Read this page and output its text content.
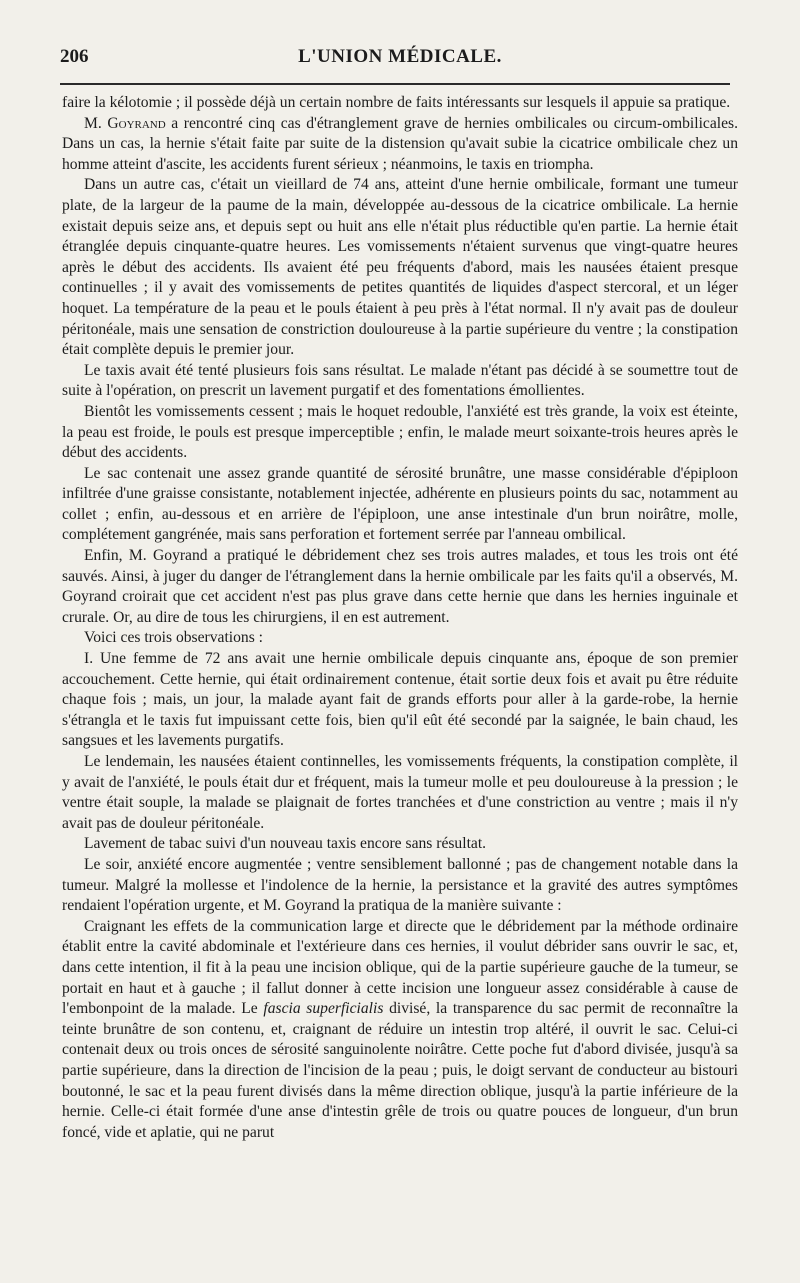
206	L'UNION MÉDICALE.

faire la kélotomie ; il possède déjà un certain nombre de faits intéressants sur lesquels il appuie sa pratique.

M. Goyrand a rencontré cinq cas d'étranglement grave de hernies ombilicales ou circum-ombilicales. Dans un cas, la hernie s'était faite par suite de la distension qu'avait subie la cicatrice ombilicale chez un homme atteint d'ascite, les accidents furent sérieux ; néanmoins, le taxis en triompha.

Dans un autre cas, c'était un vieillard de 74 ans, atteint d'une hernie ombilicale, formant une tumeur plate, de la largeur de la paume de la main, développée au-dessous de la cicatrice ombilicale. La hernie existait depuis seize ans, et depuis sept ou huit ans elle n'était plus réductible qu'en partie. La hernie était étranglée depuis cinquante-quatre heures. Les vomissements n'étaient survenus que vingt-quatre heures après le début des accidents. Ils avaient été peu fréquents d'abord, mais les nausées étaient presque continuelles ; il y avait des vomissements de petites quantités de liquides d'aspect stercoral, et un léger hoquet. La température de la peau et le pouls étaient à peu près à l'état normal. Il n'y avait pas de douleur péritonéale, mais une sensation de constriction douloureuse à la partie supérieure du ventre ; la constipation était complète depuis le premier jour.

Le taxis avait été tenté plusieurs fois sans résultat. Le malade n'étant pas décidé à se soumettre tout de suite à l'opération, on prescrit un lavement purgatif et des fomentations émollientes.

Bientôt les vomissements cessent ; mais le hoquet redouble, l'anxiété est très grande, la voix est éteinte, la peau est froide, le pouls est presque imperceptible ; enfin, le malade meurt soixante-trois heures après le début des accidents.

Le sac contenait une assez grande quantité de sérosité brunâtre, une masse considérable d'épiploon infiltrée d'une graisse consistante, notablement injectée, adhérente en plusieurs points du sac, notamment au collet ; enfin, au-dessous et en arrière de l'épiploon, une anse intestinale d'un brun noirâtre, molle, complétement gangrénée, mais sans perforation et fortement serrée par l'anneau ombilical.

Enfin, M. Goyrand a pratiqué le débridement chez ses trois autres malades, et tous les trois ont été sauvés. Ainsi, à juger du danger de l'étranglement dans la hernie ombilicale par les faits qu'il a observés, M. Goyrand croirait que cet accident n'est pas plus grave dans cette hernie que dans les hernies inguinale et crurale. Or, au dire de tous les chirurgiens, il en est autrement.

Voici ces trois observations :

I. Une femme de 72 ans avait une hernie ombilicale depuis cinquante ans, époque de son premier accouchement. Cette hernie, qui était ordinairement contenue, était sortie deux fois et avait pu être réduite chaque fois ; mais, un jour, la malade ayant fait de grands efforts pour aller à la garde-robe, la hernie s'étrangla et le taxis fut impuissant cette fois, bien qu'il eût été secondé par la saignée, le bain chaud, les sangsues et les lavements purgatifs.

Le lendemain, les nausées étaient continnelles, les vomissements fréquents, la constipation complète, il y avait de l'anxiété, le pouls était dur et fréquent, mais la tumeur molle et peu douloureuse à la pression ; le ventre était souple, la malade se plaignait de fortes tranchées et d'une constriction au ventre ; mais il n'y avait pas de douleur péritonéale.

Lavement de tabac suivi d'un nouveau taxis encore sans résultat.

Le soir, anxiété encore augmentée ; ventre sensiblement ballonné ; pas de changement notable dans la tumeur. Malgré la mollesse et l'indolence de la hernie, la persistance et la gravité des autres symptômes rendaient l'opération urgente, et M. Goyrand la pratiqua de la manière suivante :

Craignant les effets de la communication large et directe que le débridement par la méthode ordinaire établit entre la cavité abdominale et l'extérieure dans ces hernies, il voulut débrider sans ouvrir le sac, et, dans cette intention, il fit à la peau une incision oblique, qui de la partie supérieure gauche de la tumeur, se portait en haut et à gauche ; il fallut donner à cette incision une longueur assez considérable à cause de l'embonpoint de la malade. Le fascia superficialis divisé, la transparence du sac permit de reconnaître la teinte brunâtre de son contenu, et, craignant de réduire un intestin trop altéré, il ouvrit le sac. Celui-ci contenait deux ou trois onces de sérosité sanguinolente noirâtre. Cette poche fut d'abord divisée, jusqu'à sa partie supérieure, dans la direction de l'incision de la peau ; puis, le doigt servant de conducteur au bistouri boutonné, le sac et la peau furent divisés dans la même direction oblique, jusqu'à la partie inférieure de la hernie. Celle-ci était formée d'une anse d'intestin grêle de trois ou quatre pouces de longueur, d'un brun foncé, vide et aplatie, qui ne parut
